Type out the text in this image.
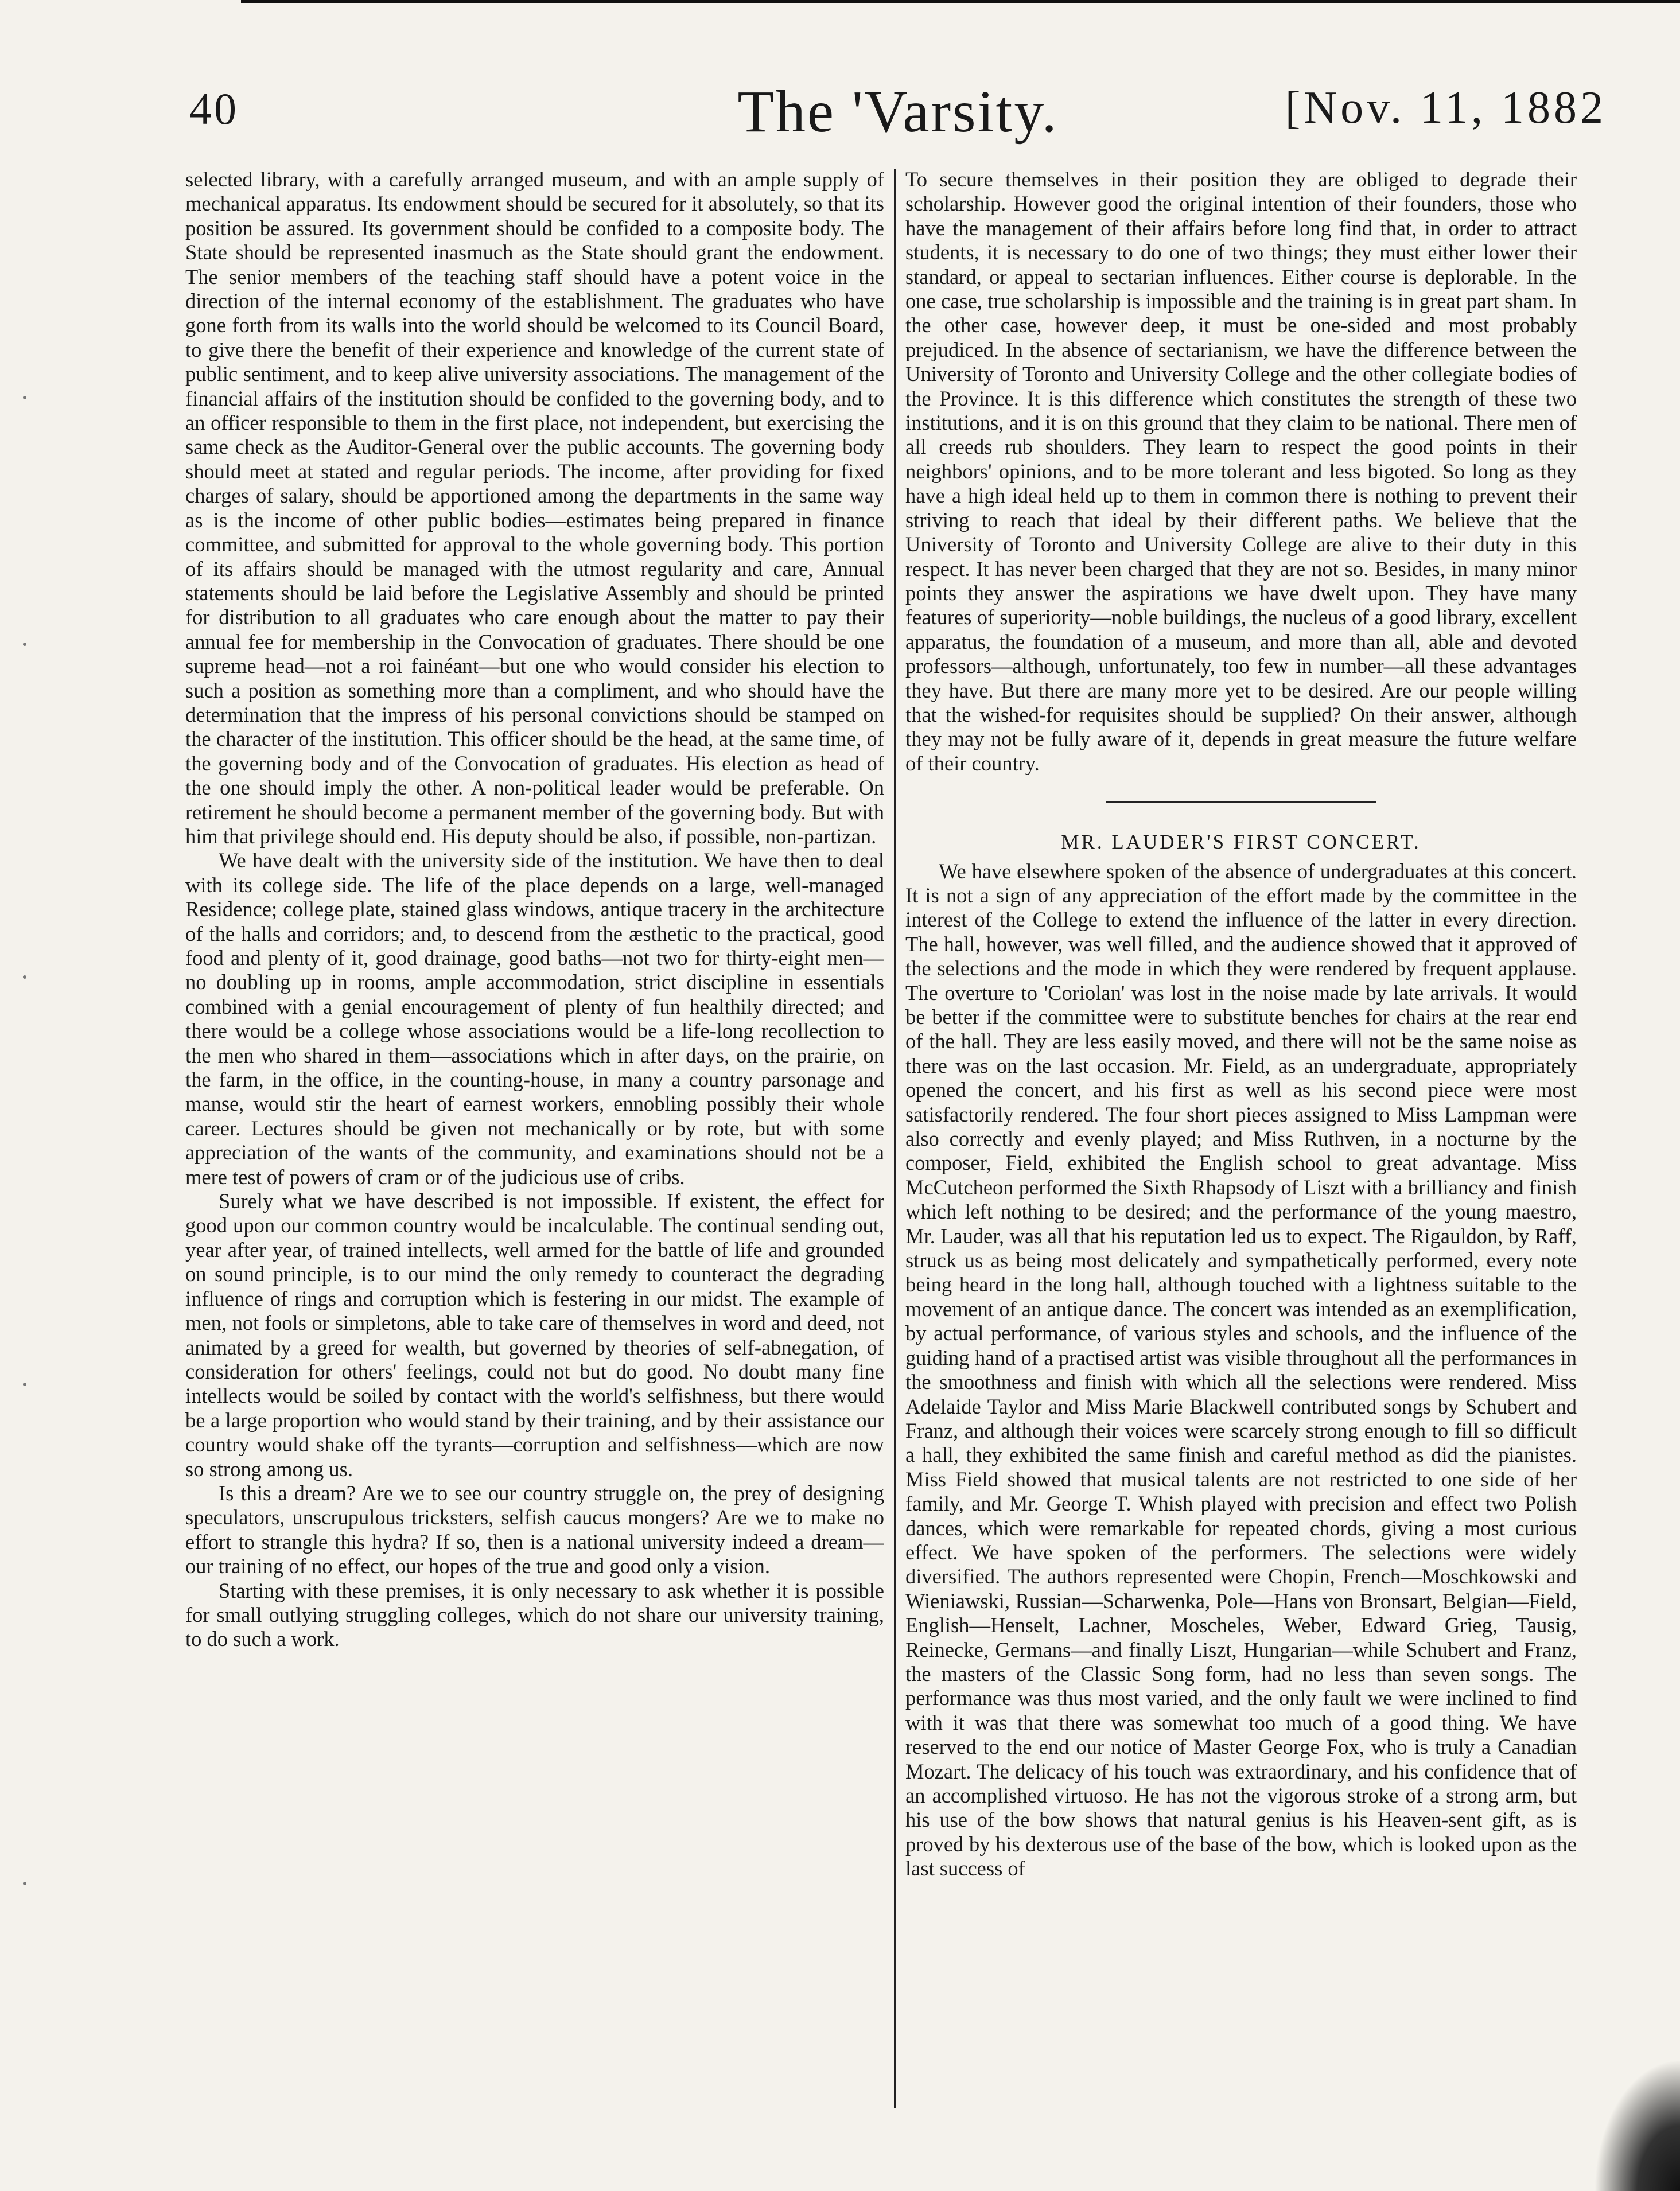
40	The 'Varsity.	[Nov. 11, 1882

selected library, with a carefully arranged museum, and with an ample supply of mechanical apparatus. Its endowment should be secured for it absolutely, so that its position be assured. Its government should be confided to a composite body. The State should be represented inasmuch as the State should grant the endowment. The senior members of the teaching staff should have a potent voice in the direction of the internal economy of the establishment. The graduates who have gone forth from its walls into the world should be welcomed to its Council Board, to give there the benefit of their experience and knowledge of the current state of public sentiment, and to keep alive university associations. The management of the financial affairs of the institution should be confided to the governing body, and to an officer responsible to them in the first place, not independent, but exercising the same check as the Auditor-General over the public accounts. The governing body should meet at stated and regular periods. The income, after providing for fixed charges of salary, should be apportioned among the departments in the same way as is the income of other public bodies—estimates being prepared in finance committee, and submitted for approval to the whole governing body. This portion of its affairs should be managed with the utmost regularity and care, Annual statements should be laid before the Legislative Assembly and should be printed for distribution to all graduates who care enough about the matter to pay their annual fee for membership in the Convocation of graduates. There should be one supreme head—not a roi fainéant—but one who would consider his election to such a position as something more than a compliment, and who should have the determination that the impress of his personal convictions should be stamped on the character of the institution. This officer should be the head, at the same time, of the governing body and of the Convocation of graduates. His election as head of the one should imply the other. A non-political leader would be preferable. On retirement he should become a permanent member of the governing body. But with him that privilege should end. His deputy should be also, if possible, non-partizan.

We have dealt with the university side of the institution. We have then to deal with its college side. The life of the place depends on a large, well-managed Residence; college plate, stained glass windows, antique tracery in the architecture of the halls and corridors; and, to descend from the æsthetic to the practical, good food and plenty of it, good drainage, good baths—not two for thirty-eight men—no doubling up in rooms, ample accommodation, strict discipline in essentials combined with a genial encouragement of plenty of fun healthily directed; and there would be a college whose associations would be a life-long recollection to the men who shared in them—associations which in after days, on the prairie, on the farm, in the office, in the counting-house, in many a country parsonage and manse, would stir the heart of earnest workers, ennobling possibly their whole career. Lectures should be given not mechanically or by rote, but with some appreciation of the wants of the community, and examinations should not be a mere test of powers of cram or of the judicious use of cribs.

Surely what we have described is not impossible. If existent, the effect for good upon our common country would be incalculable. The continual sending out, year after year, of trained intellects, well armed for the battle of life and grounded on sound principle, is to our mind the only remedy to counteract the degrading influence of rings and corruption which is festering in our midst. The example of men, not fools or simpletons, able to take care of themselves in word and deed, not animated by a greed for wealth, but governed by theories of self-abnegation, of consideration for others' feelings, could not but do good. No doubt many fine intellects would be soiled by contact with the world's selfishness, but there would be a large proportion who would stand by their training, and by their assistance our country would shake off the tyrants—corruption and selfishness—which are now so strong among us.

Is this a dream? Are we to see our country struggle on, the prey of designing speculators, unscrupulous tricksters, selfish caucus mongers? Are we to make no effort to strangle this hydra? If so, then is a national university indeed a dream—our training of no effect, our hopes of the true and good only a vision.

Starting with these premises, it is only necessary to ask whether it is possible for small outlying struggling colleges, which do not share our university training, to do such a work.

To secure themselves in their position they are obliged to degrade their scholarship. However good the original intention of their founders, those who have the management of their affairs before long find that, in order to attract students, it is necessary to do one of two things; they must either lower their standard, or appeal to sectarian influences. Either course is deplorable. In the one case, true scholarship is impossible and the training is in great part sham. In the other case, however deep, it must be one-sided and most probably prejudiced. In the absence of sectarianism, we have the difference between the University of Toronto and University College and the other collegiate bodies of the Province. It is this difference which constitutes the strength of these two institutions, and it is on this ground that they claim to be national. There men of all creeds rub shoulders. They learn to respect the good points in their neighbors' opinions, and to be more tolerant and less bigoted. So long as they have a high ideal held up to them in common there is nothing to prevent their striving to reach that ideal by their different paths. We believe that the University of Toronto and University College are alive to their duty in this respect. It has never been charged that they are not so. Besides, in many minor points they answer the aspirations we have dwelt upon. They have many features of superiority—noble buildings, the nucleus of a good library, excellent apparatus, the foundation of a museum, and more than all, able and devoted professors—although, unfortunately, too few in number—all these advantages they have. But there are many more yet to be desired. Are our people willing that the wished-for requisites should be supplied? On their answer, although they may not be fully aware of it, depends in great measure the future welfare of their country.

MR. LAUDER'S FIRST CONCERT.

We have elsewhere spoken of the absence of undergraduates at this concert. It is not a sign of any appreciation of the effort made by the committee in the interest of the College to extend the influence of the latter in every direction. The hall, however, was well filled, and the audience showed that it approved of the selections and the mode in which they were rendered by frequent applause. The overture to 'Coriolan' was lost in the noise made by late arrivals. It would be better if the committee were to substitute benches for chairs at the rear end of the hall. They are less easily moved, and there will not be the same noise as there was on the last occasion. Mr. Field, as an undergraduate, appropriately opened the concert, and his first as well as his second piece were most satisfactorily rendered. The four short pieces assigned to Miss Lampman were also correctly and evenly played; and Miss Ruthven, in a nocturne by the composer, Field, exhibited the English school to great advantage. Miss McCutcheon performed the Sixth Rhapsody of Liszt with a brilliancy and finish which left nothing to be desired; and the performance of the young maestro, Mr. Lauder, was all that his reputation led us to expect. The Rigauldon, by Raff, struck us as being most delicately and sympathetically performed, every note being heard in the long hall, although touched with a lightness suitable to the movement of an antique dance. The concert was intended as an exemplification, by actual performance, of various styles and schools, and the influence of the guiding hand of a practised artist was visible throughout all the performances in the smoothness and finish with which all the selections were rendered. Miss Adelaide Taylor and Miss Marie Blackwell contributed songs by Schubert and Franz, and although their voices were scarcely strong enough to fill so difficult a hall, they exhibited the same finish and careful method as did the pianistes. Miss Field showed that musical talents are not restricted to one side of her family, and Mr. George T. Whish played with precision and effect two Polish dances, which were remarkable for repeated chords, giving a most curious effect. We have spoken of the performers. The selections were widely diversified. The authors represented were Chopin, French—Moschkowski and Wieniawski, Russian—Scharwenka, Pole—Hans von Bronsart, Belgian—Field, English—Henselt, Lachner, Moscheles, Weber, Edward Grieg, Tausig, Reinecke, Germans—and finally Liszt, Hungarian—while Schubert and Franz, the masters of the Classic Song form, had no less than seven songs. The performance was thus most varied, and the only fault we were inclined to find with it was that there was somewhat too much of a good thing. We have reserved to the end our notice of Master George Fox, who is truly a Canadian Mozart. The delicacy of his touch was extraordinary, and his confidence that of an accomplished virtuoso. He has not the vigorous stroke of a strong arm, but his use of the bow shows that natural genius is his Heaven-sent gift, as is proved by his dexterous use of the base of the bow, which is looked upon as the last success of
